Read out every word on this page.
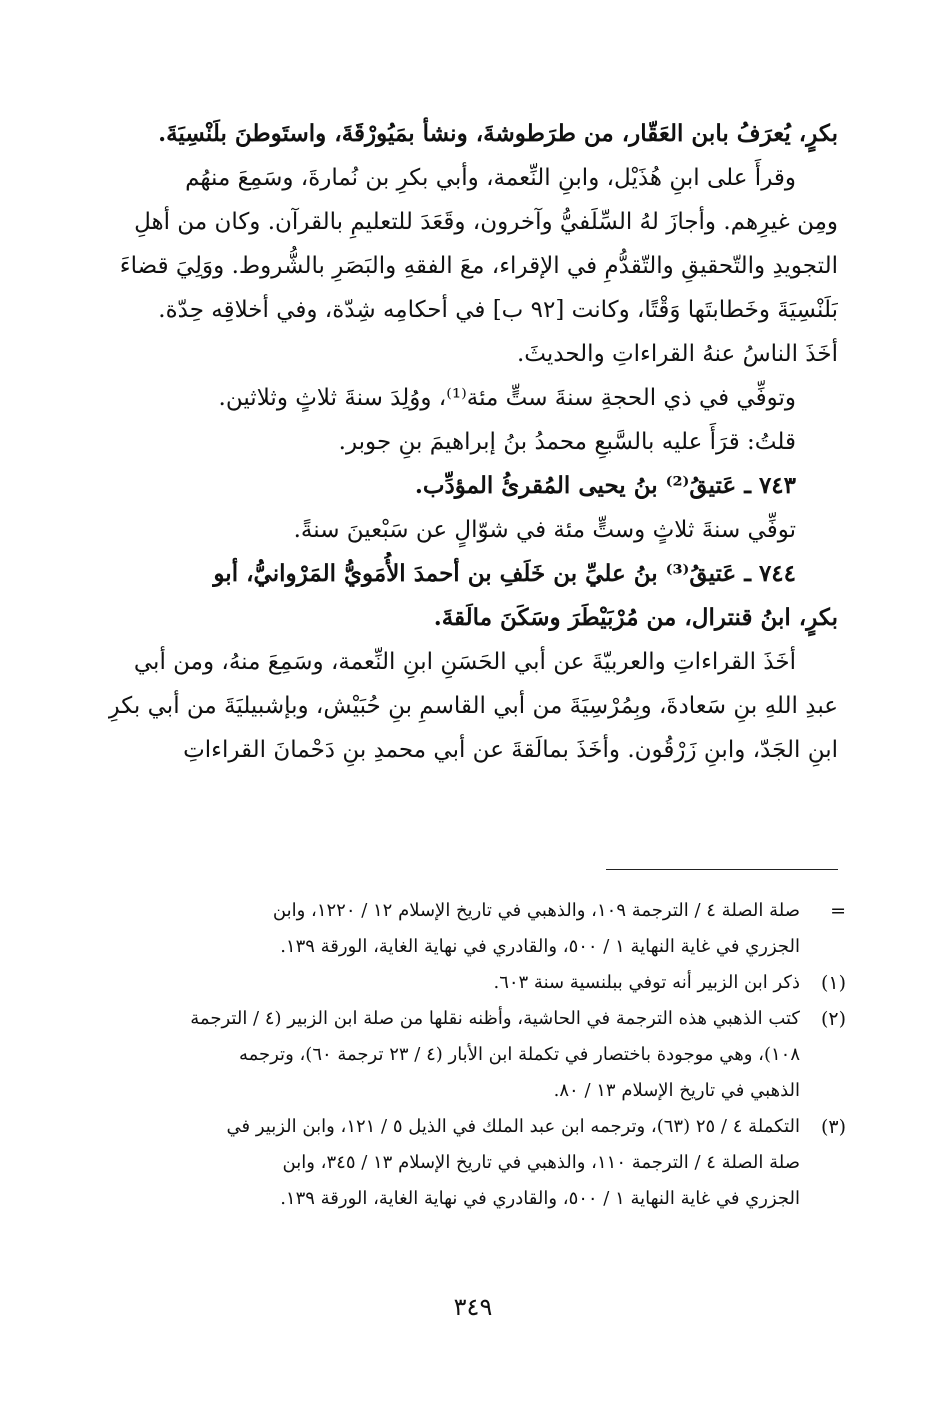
بكرٍ، يُعرَفُ بابن العَقّار، من طرَطوشةَ، ونشأ بمَيُورْقَةَ، واستَوطنَ بلَنْسِيَةَ.
وقرأَ على ابنِ هُذَيْل، وابنِ النِّعمة، وأبي بكرِ بن نُمارةَ، وسَمِعَ منهُم
ومِن غيرِهم. وأجازَ لهُ السِّلَفيُّ وآخرون، وقَعَدَ للتعليمِ بالقرآن. وكان من أهلِ
التجويدِ والتّحقيقِ والتّقدُّمِ في الإقراء، معَ الفقهِ والبَصَرِ بالشُّروط. ووَلِيَ قضاءَ
بَلَنْسِيَةَ وخَطابتَها وَقْتًا، وكانت [٩٢ ب] في أحكامِه شِدّة، وفي أخلاقِه حِدّة.
أخَذَ الناسُ عنهُ القراءاتِ والحديثَ.
وتوفِّي في ذي الحجةِ سنةَ ستٍّ مئة⁽¹⁾، ووُلِدَ سنةَ ثلاثٍ وثلاثين.
قلتُ: قرَأَ عليه بالسَّبعِ محمدُ بنُ إبراهيمَ بنِ جوبر.
٧٤٣ ـ عَتيقُ⁽²⁾ بنُ يحيى المُقرئُ المؤدِّب.
توفِّي سنةَ ثلاثٍ وستٍّ مئة في شوّالٍ عن سَبْعينَ سنةً.
٧٤٤ ـ عَتيقُ⁽³⁾ بنُ عليِّ بن خَلَفِ بن أحمدَ الأُمَويُّ المَرْوانيُّ، أبو
بكرٍ، ابنُ قنترال، من مُرْبَيْطَرَ وسَكَنَ مالَقةَ.
أخَذَ القراءاتِ والعربيّةَ عن أبي الحَسَنِ ابنِ النِّعمة، وسَمِعَ منهُ، ومن أبي
عبدِ اللهِ بنِ سَعادةَ، وبِمُرْسِيَةَ من أبي القاسمِ بنِ حُبَيْش، وبإشبيليَةَ من أبي بكرِ
ابنِ الجَدّ، وابنِ زَرْقُون. وأخَذَ بمالَقةَ عن أبي محمدِ بنِ دَحْمانَ القراءاتِ
=
صلة الصلة ٤ / الترجمة ١٠٩، والذهبي في تاريخ الإسلام ١٢ / ١٢٢٠، وابن
الجزري في غاية النهاية ١ / ٥٠٠، والقادري في نهاية الغاية، الورقة ١٣٩.
(١)
ذكر ابن الزبير أنه توفي ببلنسية سنة ٦٠٣.
(٢)
كتب الذهبي هذه الترجمة في الحاشية، وأظنه نقلها من صلة ابن الزبير (٤ / الترجمة
١٠٨)، وهي موجودة باختصار في تكملة ابن الأبار (٤ / ٢٣ ترجمة ٦٠)، وترجمه
الذهبي في تاريخ الإسلام ١٣ / ٨٠.
(٣)
التكملة ٤ / ٢٥ (٦٣)، وترجمه ابن عبد الملك في الذيل ٥ / ١٢١، وابن الزبير في
صلة الصلة ٤ / الترجمة ١١٠، والذهبي في تاريخ الإسلام ١٣ / ٣٤٥، وابن
الجزري في غاية النهاية ١ / ٥٠٠، والقادري في نهاية الغاية، الورقة ١٣٩.
٣٤٩
